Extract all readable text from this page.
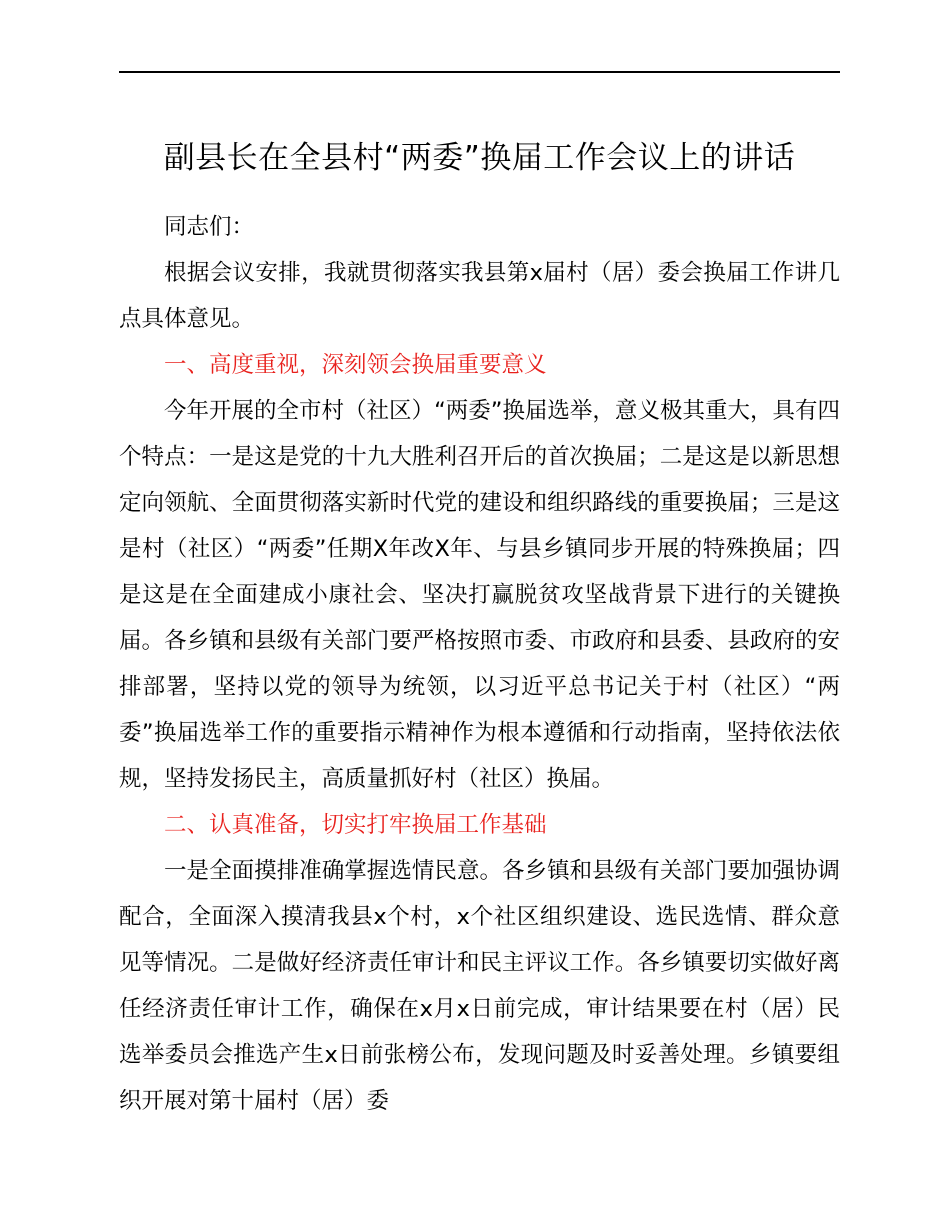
副县长在全县村“两委”换届工作会议上的讲话

同志们：

根据会议安排，我就贯彻落实我县第x届村（居）委会换届工作讲几点具体意见。

一、高度重视，深刻领会换届重要意义

今年开展的全市村（社区）“两委”换届选举，意义极其重大，具有四个特点：一是这是党的十九大胜利召开后的首次换届；二是这是以新思想定向领航、全面贯彻落实新时代党的建设和组织路线的重要换届；三是这是村（社区）“两委”任期X年改X年、与县乡镇同步开展的特殊换届；四是这是在全面建成小康社会、坚决打赢脱贫攻坚战背景下进行的关键换届。各乡镇和县级有关部门要严格按照市委、市政府和县委、县政府的安排部署，坚持以党的领导为统领，以习近平总书记关于村（社区）“两委”换届选举工作的重要指示精神作为根本遵循和行动指南，坚持依法依规，坚持发扬民主，高质量抓好村（社区）换届。

二、认真准备，切实打牢换届工作基础

一是全面摸排准确掌握选情民意。各乡镇和县级有关部门要加强协调配合，全面深入摸清我县x个村，x个社区组织建设、选民选情、群众意见等情况。二是做好经济责任审计和民主评议工作。各乡镇要切实做好离任经济责任审计工作，确保在x月x日前完成，审计结果要在村（居）民选举委员会推选产生x日前张榜公布，发现问题及时妥善处理。乡镇要组织开展对第十届村（居）委
